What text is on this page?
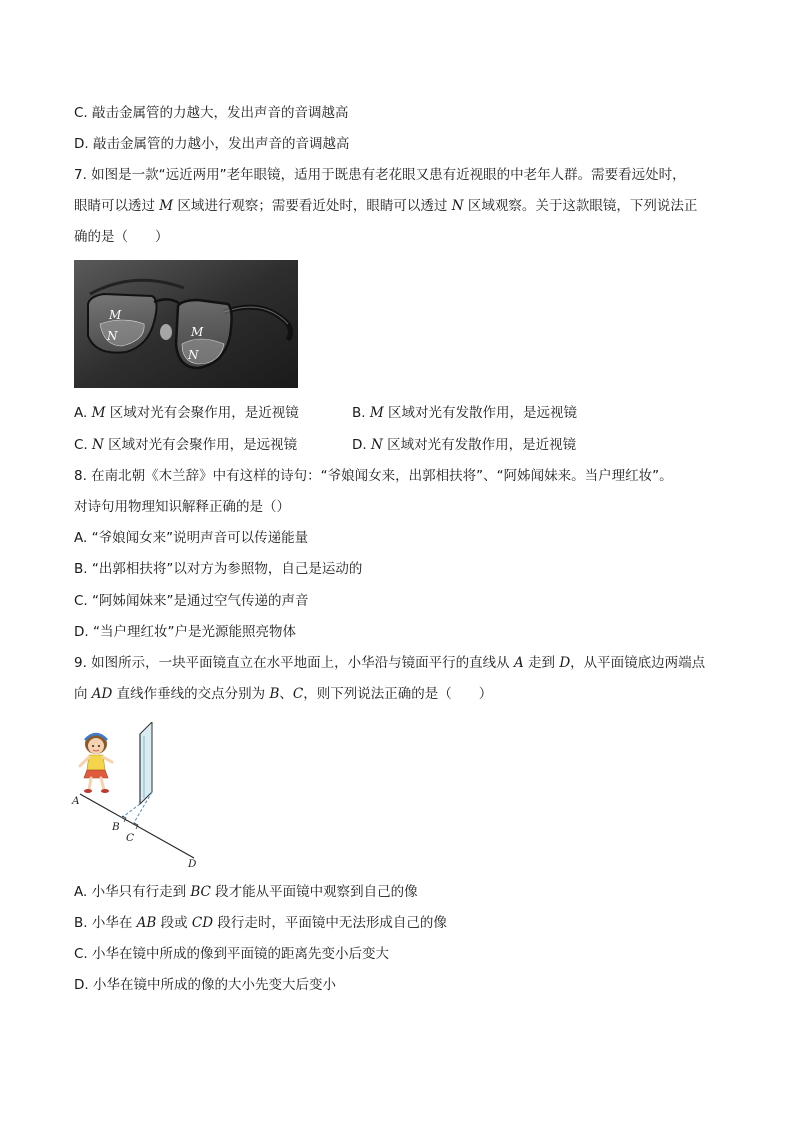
C. 敲击金属管的力越大，发出声音的音调越高
D. 敲击金属管的力越小，发出声音的音调越高
7. 如图是一款“远近两用”老年眼镜，适用于既患有老花眼又患有近视眼的中老年人群。需要看远处时，
眼睛可以透过 M 区域进行观察；需要看近处时，眼睛可以透过 N 区域观察。关于这款眼镜，下列说法正
确的是（　　）
M
N	M
N
A. M 区域对光有会聚作用，是近视镜	B. M 区域对光有发散作用，是远视镜
C. N 区域对光有会聚作用，是远视镜	D. N 区域对光有发散作用，是近视镜
8. 在南北朝《木兰辞》中有这样的诗句：“爷娘闻女来，出郭相扶将”、“阿姊闻妹来。当户理红妆”。
对诗句用物理知识解释正确的是（）
A. “爷娘闻女来”说明声音可以传递能量
B. “出郭相扶将”以对方为参照物，自己是运动的
C. “阿姊闻妹来”是通过空气传递的声音
D. “当户理红妆”户是光源能照亮物体
9. 如图所示，一块平面镜直立在水平地面上，小华沿与镜面平行的直线从 A 走到 D，从平面镜底边两端点
向 AD 直线作垂线的交点分别为 B、C，则下列说法正确的是（　　）
A
B
C
D
A. 小华只有行走到 BC 段才能从平面镜中观察到自己的像
B. 小华在 AB 段或 CD 段行走时，平面镜中无法形成自己的像
C. 小华在镜中所成的像到平面镜的距离先变小后变大
D. 小华在镜中所成的像的大小先变大后变小
